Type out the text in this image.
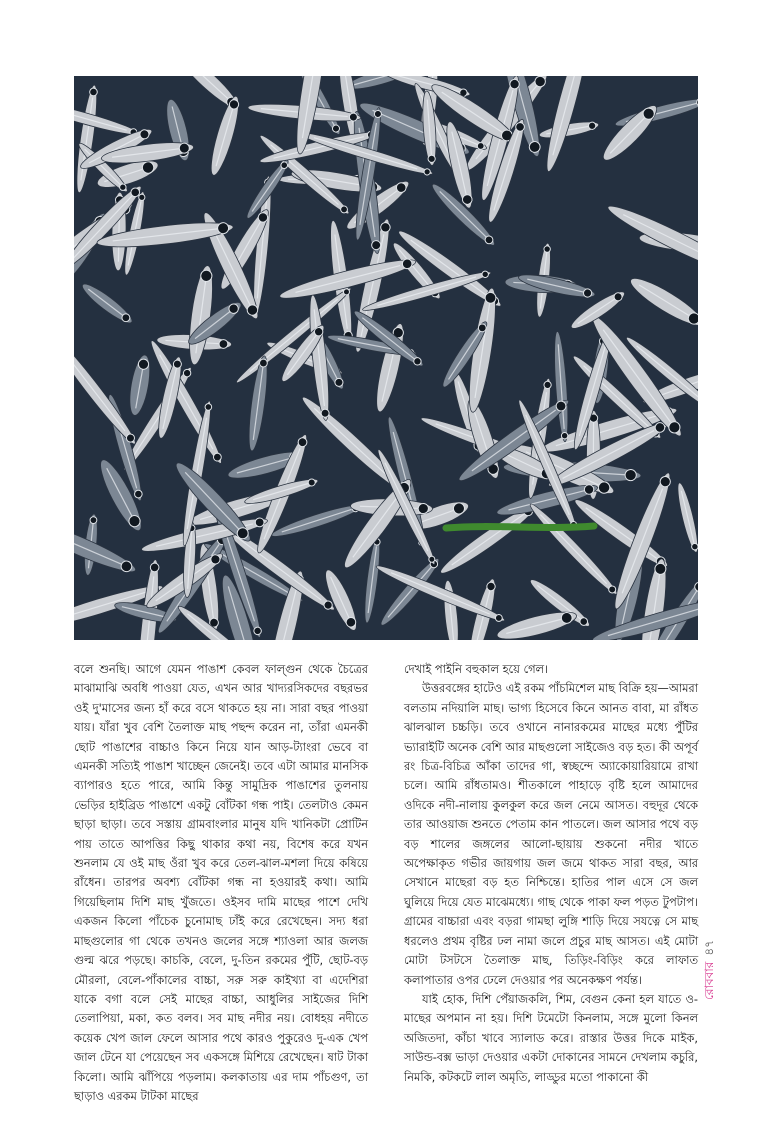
বলে শুনছি। আগে যেমন পাঙাশ কেবল ফাল্গুন থেকে চৈত্রের মাঝামাঝি অবধি পাওয়া যেত, এখন আর খাদ্যরসিকদের বছরভর ওই দু'মাসের জন্য হাঁ করে বসে থাকতে হয় না। সারা বছর পাওয়া যায়। যাঁরা খুব বেশি তৈলাক্ত মাছ পছন্দ করেন না, তাঁরা এমনকী ছোট পাঙাশের বাচ্চাও কিনে নিয়ে যান আড়-ট্যাংরা ভেবে বা এমনকী সত্যিই পাঙাশ খাচ্ছেন জেনেই। তবে এটা আমার মানসিক ব্যাপারও হতে পারে, আমি কিন্তু সামুদ্রিক পাঙাশের তুলনায় ভেড়ির হাইব্রিড পাঙাশে একটু বোঁটকা গন্ধ পাই। তেলটাও কেমন ছাড়া ছাড়া। তবে সস্তায় গ্রামবাংলার মানুষ যদি খানিকটা প্রোটিন পায় তাতে আপত্তির কিছু থাকার কথা নয়, বিশেষ করে যখন শুনলাম যে ওই মাছ ওঁরা খুব করে তেল-ঝাল-মশলা দিয়ে কষিয়ে রাঁধেন। তারপর অবশ্য বোঁটকা গন্ধ না হওয়ারই কথা। আমি গিয়েছিলাম দিশি মাছ খুঁজতে। ওইসব দামি মাছের পাশে দেখি একজন কিলো পাঁচেক চুনোমাছ ঢাঁই করে রেখেছেন। সদ্য ধরা মাছগুলোর গা থেকে তখনও জলের সঙ্গে শ্যাওলা আর জলজ গুল্ম ঝরে পড়ছে। কাচকি, বেলে, দু-তিন রকমের পুঁটি, ছোট-বড় মৌরলা, বেলে-পাঁকালের বাচ্চা, সরু সরু কাইখ্যা বা এদেশিরা যাকে বগা বলে সেই মাছের বাচ্চা, আধুলির সাইজের দিশি তেলাপিয়া, মকা, কত বলব। সব মাছ নদীর নয়। বোধহয় নদীতে কয়েক খেপ জাল ফেলে আসার পথে কারও পুকুরেও দু-এক খেপ জাল টেনে যা পেয়েছেন সব একসঙ্গে মিশিয়ে রেখেছেন। ষাট টাকা কিলো। আমি ঝাঁপিয়ে পড়লাম। কলকাতায় এর দাম পাঁচগুণ, তা ছাড়াও এরকম টাটকা মাছের

দেখাই পাইনি বহুকাল হয়ে গেল।

উত্তরবঙ্গের হাটেও এই রকম পাঁচমিশেল মাছ বিক্রি হয়—আমরা বলতাম নদিয়ালি মাছ। ভাগ্য হিসেবে কিনে আনত বাবা, মা রাঁধত ঝালঝাল চচ্চড়ি। তবে ওখানে নানারকমের মাছের মধ্যে পুঁটির ভ্যারাইটি অনেক বেশি আর মাছগুলো সাইজেও বড় হত। কী অপূর্ব রং চিত্র-বিচিত্র আঁকা তাদের গা, স্বচ্ছন্দে অ্যাকোয়ারিয়ামে রাখা চলে। আমি রাঁধতামও। শীতকালে পাহাড়ে বৃষ্টি হলে আমাদের ওদিকে নদী-নালায় কুলকুল করে জল নেমে আসত। বহুদূর থেকে তার আওয়াজ শুনতে পেতাম কান পাতলে। জল আসার পথে বড় বড় শালের জঙ্গলের আলো-ছায়ায় শুকনো নদীর খাতে অপেক্ষাকৃত গভীর জায়গায় জল জমে থাকত সারা বছর, আর সেখানে মাছেরা বড় হত নিশ্চিন্তে। হাতির পাল এসে সে জল ঘুলিয়ে দিয়ে যেত মাঝেমধ্যে। গাছ থেকে পাকা ফল পড়ত টুপটাপ। গ্রামের বাচ্চারা এবং বড়রা গামছা লুঙ্গি শাড়ি দিয়ে সযত্নে সে মাছ ধরলেও প্রথম বৃষ্টির ঢল নামা জলে প্রচুর মাছ আসত। এই মোটা মোটা টসটসে তৈলাক্ত মাছ, তিড়িং-বিড়িং করে লাফাত কলাপাতার ওপর ঢেলে দেওয়ার পর অনেকক্ষণ পর্যন্ত।

যাই হোক, দিশি পেঁয়াজকলি, শিম, বেগুন কেনা হল যাতে ও-মাছের অপমান না হয়। দিশি টমেটো কিনলাম, সঙ্গে মুলো কিনল অজিতদা, কাঁচা খাবে স্যালাড করে। রাস্তার উত্তর দিকে মাইক, সাউন্ড-বক্স ভাড়া দেওয়ার একটা দোকানের সামনে দেখলাম কচুরি, নিমকি, কটকটে লাল অমৃতি, লাড্ডুর মতো পাকানো কী

রোববার৪৭
